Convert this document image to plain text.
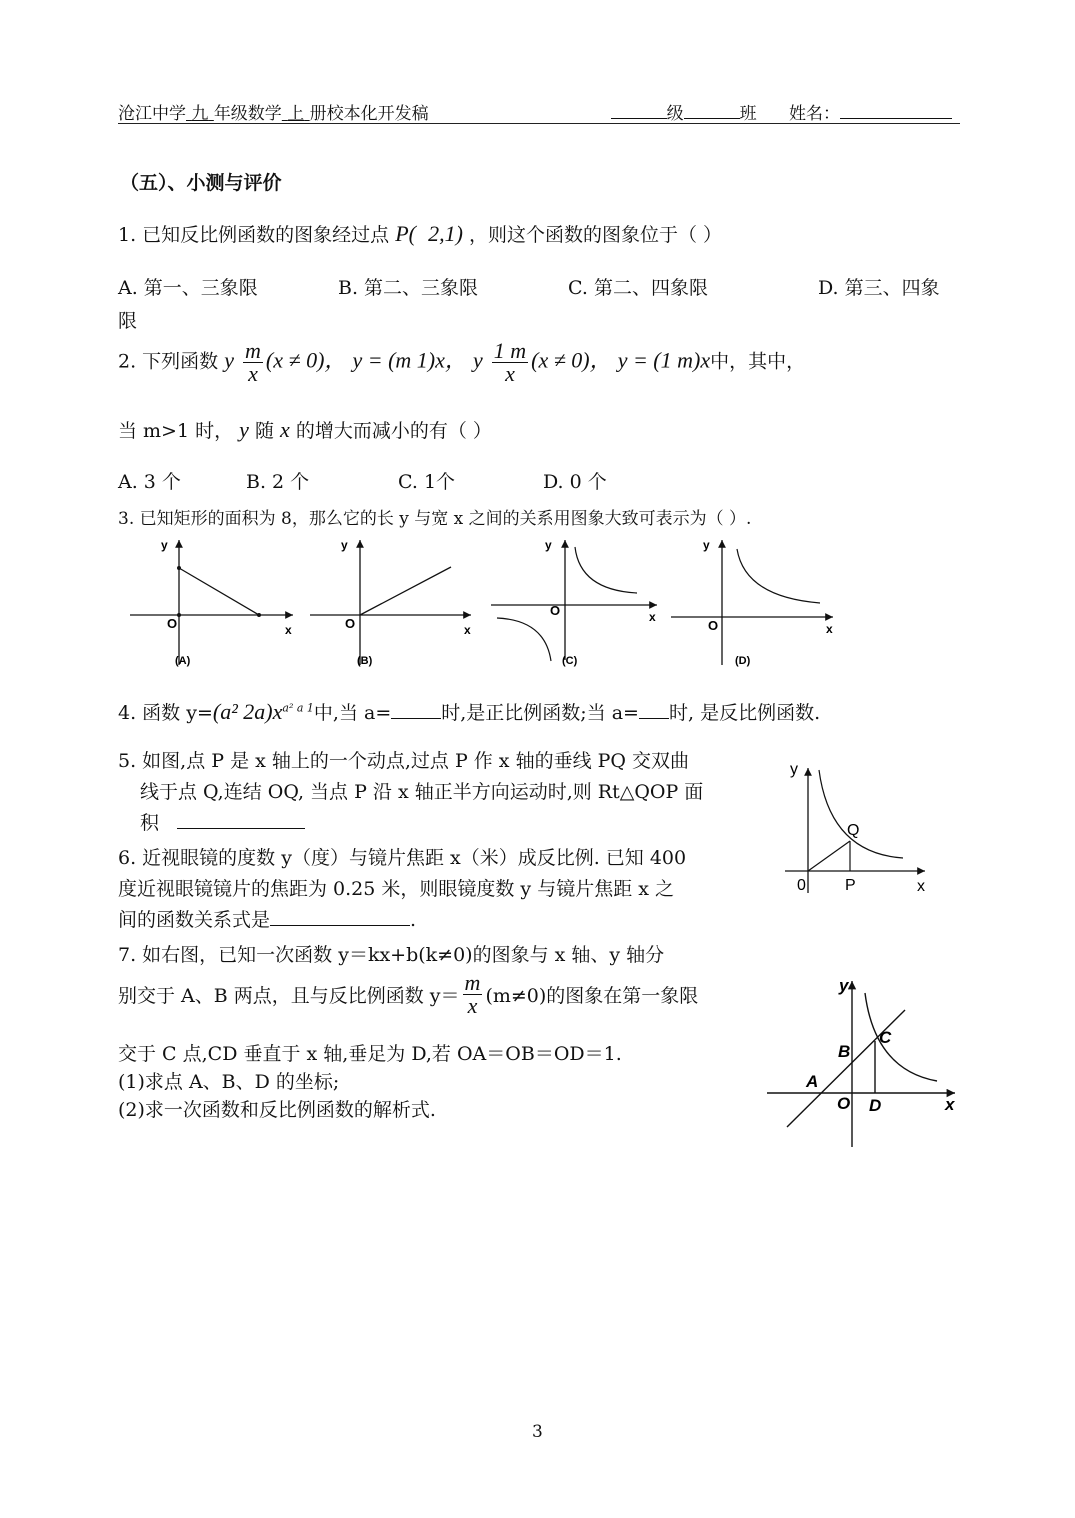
沧江中学 九 年级数学 上 册校本化开发稿	级	班 姓名：
（五）、小测与评价
1. 已知反比例函数的图象经过点 P( 2,1) ，则这个函数的图象位于（ ）
A. 第一、三象限	B. 第二、三象限	C. 第二、四象限	D. 第三、四象
限
2. 下列函数 y $\frac{m}{x} (x \ne 0)$， y = (m 1)x， y $\frac{1 m}{x} (x \ne 0)$， y = (1 m)x中，其中，
当 m>1 时， y 随 x 的增大而减小的有（ ）
A. 3 个	B. 2 个	C. 1个	D. 0 个
3. 已知矩形的面积为 8，那么它的长 y 与宽 x 之间的关系用图象大致可表示为（ ）.
y
x
O
(A)
y
x
O
(B)
y
x
O
(C)
y
x
O
(D)
4. 函数 y=(a² $2a)x^{a^2 a 1}$中,当 a=	时,是正比例函数;当 a= 时, 是反比例函数.
5. 如图,点 P 是 x 轴上的一个动点,过点 P 作 x 轴的垂线 PQ 交双曲
线于点 Q,连结 OQ, 当点 P 沿 x 轴正半方向运动时,则 Rt△QOP 面
积
y
x
0 P
Q
6. 近视眼镜的度数 y（度）与镜片焦距 x（米）成反比例. 已知 400
度近视眼镜镜片的焦距为 0.25 米，则眼镜度数 y 与镜片焦距 x 之
间的函数关系式是	.
7. 如右图，已知一次函数 y＝kx+b(k≠0)的图象与 x 轴、y 轴分
别交于 A、B 两点，且与反比例函数 $y= \frac{m}{x} (m\ne 0)$的图象在第一象限
交于 C 点,CD 垂直于 x 轴,垂足为 D,若 OA＝OB＝OD＝1.
(1)求点 A、B、D 的坐标;
(2)求一次函数和反比例函数的解析式.
y
x
A
B
C
D
O
3
